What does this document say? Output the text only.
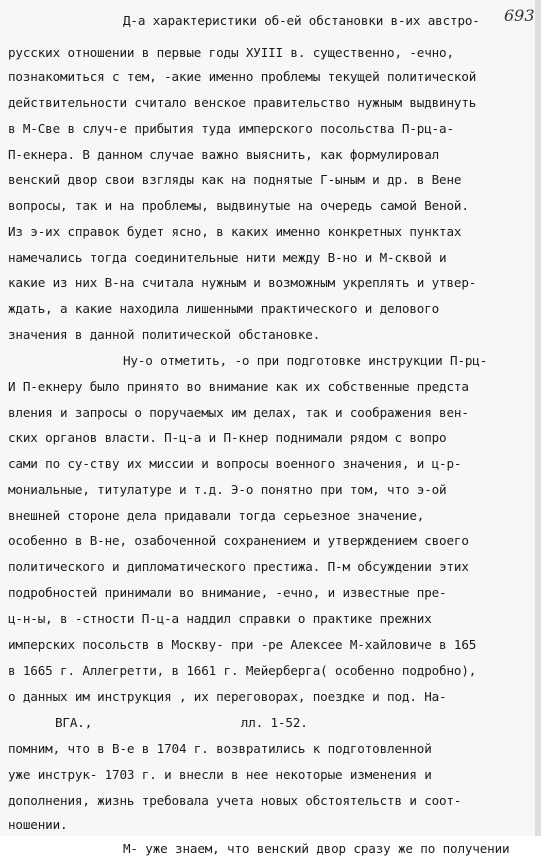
693
Д-а характеристики об-ей обстановки в-их австро-
русских отношении в первые годы ХУIII в. существенно, -ечно,
познакомиться с тем, -акие именно проблемы текущей политической
действительности считало венское правительство нужным выдвинуть
в М-Све в случ-е прибытия туда имперского посольства П-рц-а-
П-екнера. В данном случае важно выяснить, как формулировал
венский двор свои взгляды как на поднятые Г-ыным и др. в Вене
вопросы, так и на проблемы, выдвинутые на очередь самой Веной.
Из э-их справок будет ясно, в каких именно конкретных пунктах
намечались тогда соединительные нити между В-но и М-сквой и
какие из них В-на считала нужным и возможным укреплять и утвер-
ждать, а какие находила лишенными практического и делового
значения в данной политической обстановке.
Ну-о отметить, -о при подготовке инструкции П-рц-
И П-екнеру было принято во внимание как их собственные предста
вления и запросы о поручаемых им делах, так и соображения вен-
ских органов власти. П-ц-а и П-кнер поднимали рядом с вопро
сами по су-ству их миссии и вопросы военного значения, и ц-р-
мониальные, титулатуре и т.д. Э-о понятно при том, что э-ой
внешней стороне дела придавали тогда серьезное значение,
особенно в В-не, озабоченной сохранением и утверждением своего
политического и дипломатического престижа. П-м обсуждении этих
подробностей принимали во внимание, -ечно, и известные пре-
ц-н-ы, в -стности П-ц-а наддил справки о практике прежних
имперских посольств в Москву- при -ре Алексее М-хайловиче в 165
в 1665 г. Аллегретти, в 1661 г. Мейерберга( особенно подробно),
о данных им инструкция , их переговорах, поездке и под. На-
ВГА.,                    лл. 1-52.
помним, что в В-е в 1704 г. возвратились к подготовленной
уже инструк- 1703 г. и внесли в нее некоторые изменения и
дополнения, жизнь требовала учета новых обстоятельств и соот-
ношении.
М- уже знаем, что венский двор сразу же по получении
